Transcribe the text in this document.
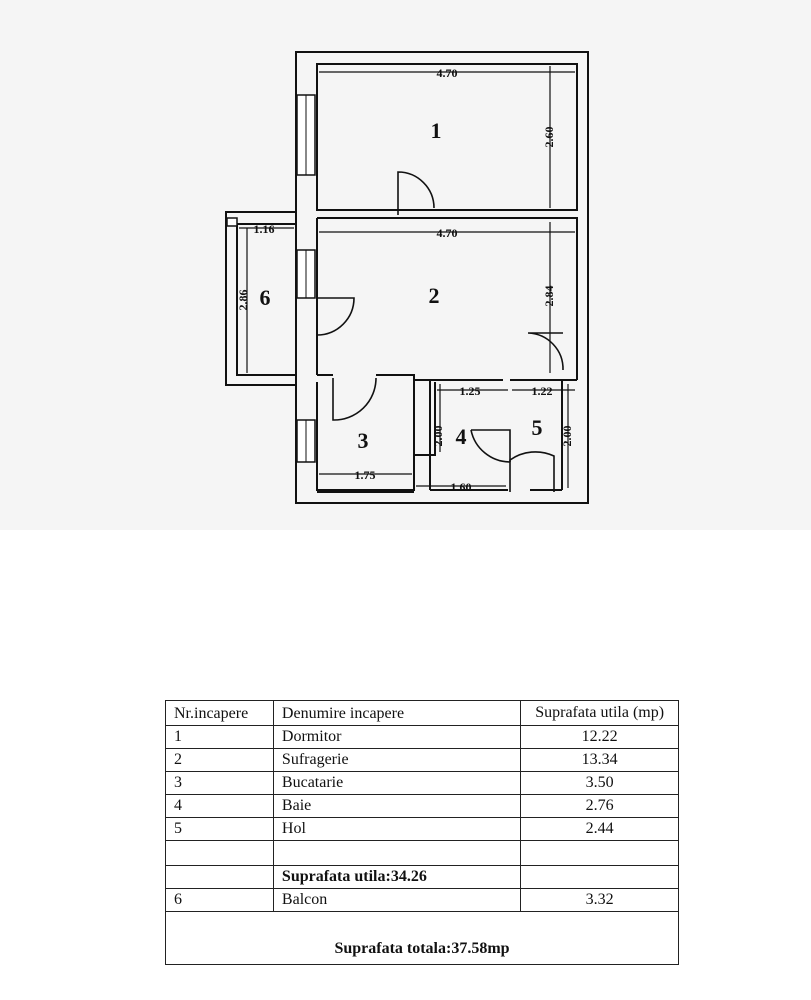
4.70
2.60
4.70
2.84
1.16
2.86
1.75
1.25
1.60
2.00
1.22
2.00
1
2
3	4	5
6
Nr.incapere	Denumire incapere	Suprafata utila (mp)
1	Dormitor	12.22
2	Sufragerie	13.34
3	Bucatarie	3.50
4	Baie	2.76
5	Hol	2.44

	Suprafata utila:34.26	
6	Balcon	3.32
Suprafata totala:37.58mp		
